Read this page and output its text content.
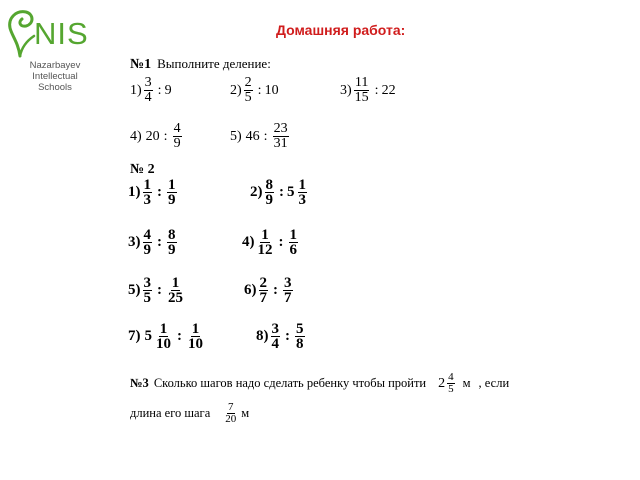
NIS
Nazarbayev
Intellectual
Schools
Домашняя работа:
№1 Выполните деление:
$1) \frac{3}{4}$ : 9	$2) \frac{2}{5}$ : 10	$3) \frac{11}{15}$ : 22
4) 20 : $\frac{4}{9}$	5) 46 : $\frac{23}{31}$
№ 2
$1) \frac{1}{3}$ : $\frac{1}{9}$	$2) \frac{8}{9}$ : $5 \frac{1}{3}$
$3) \frac{4}{9}$ : $\frac{8}{9}$	$4) \frac{1}{12}$ : $\frac{1}{6}$
$5) \frac{3}{5}$ : $\frac{1}{25}$	$6) \frac{2}{7}$ : $\frac{3}{7}$
7) $5 \frac{1}{10}$ : $\frac{1}{10}$	$8) \frac{3}{4}$ : $\frac{5}{8}$
№3 Сколько шагов надо сделать ребенку чтобы пройти $2 \frac{4}{5}$ м , если
длина его шага $\frac{7}{20}$ м
